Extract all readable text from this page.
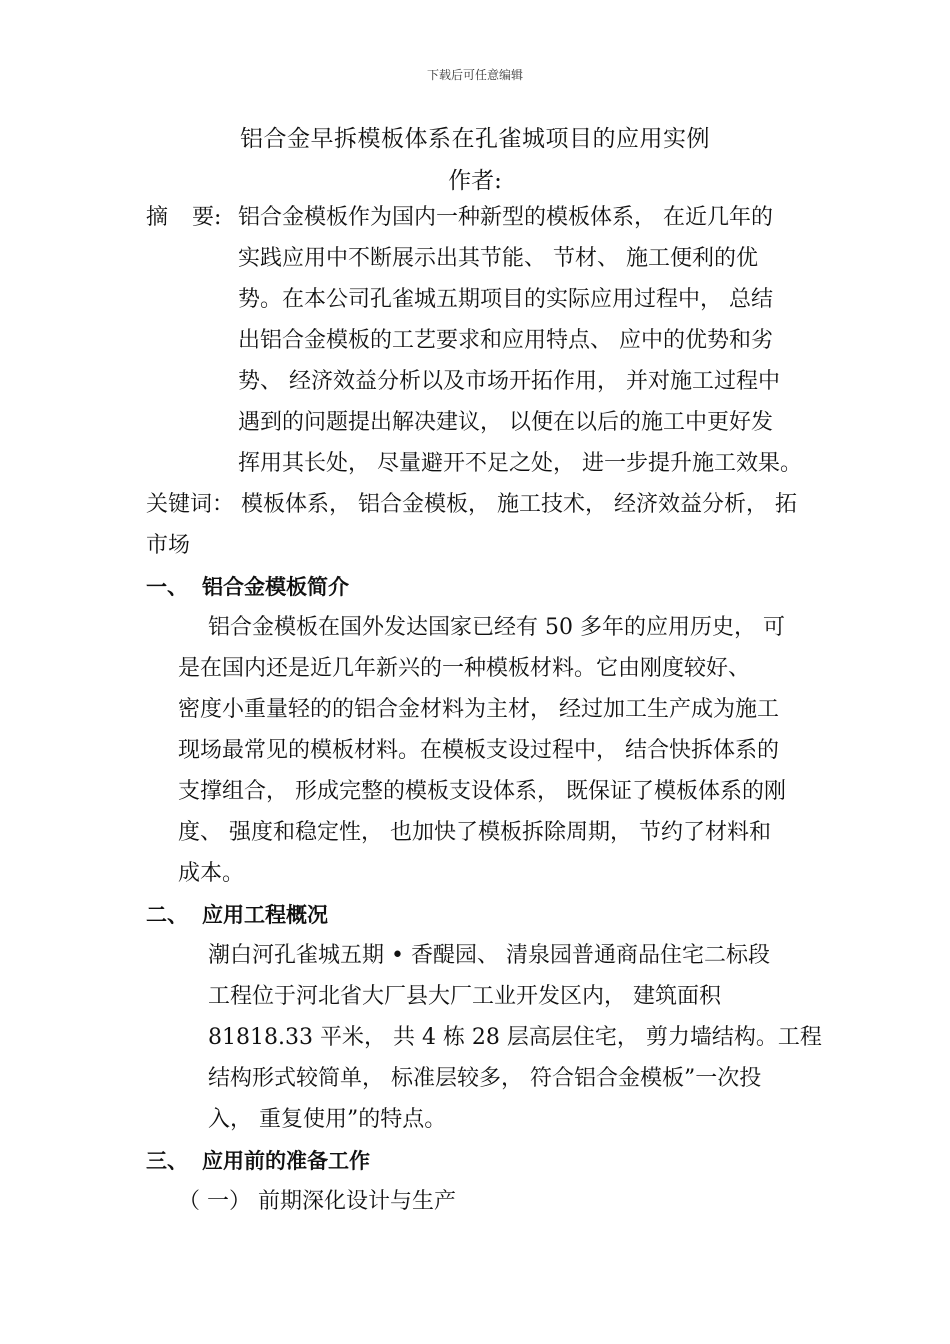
下载后可任意编辑
铝合金早拆模板体系在孔雀城项目的应用实例
作者:
摘 要: 铝合金模板作为国内一种新型的模板体系， 在近几年的
实践应用中不断展示出其节能、 节材、 施工便利的优
势。在本公司孔雀城五期项目的实际应用过程中， 总结
出铝合金模板的工艺要求和应用特点、 应中的优势和劣
势、 经济效益分析以及市场开拓作用， 并对施工过程中
遇到的问题提出解决建议， 以便在以后的施工中更好发
挥用其长处， 尽量避开不足之处， 进一步提升施工效果。
关键词： 模板体系， 铝合金模板， 施工技术， 经济效益分析， 拓
市场
一、 铝合金模板简介
铝合金模板在国外发达国家已经有 50 多年的应用历史， 可
是在国内还是近几年新兴的一种模板材料。它由刚度较好、
密度小重量轻的的铝合金材料为主材， 经过加工生产成为施工
现场最常见的模板材料。在模板支设过程中， 结合快拆体系的
支撑组合， 形成完整的模板支设体系， 既保证了模板体系的刚
度、 强度和稳定性， 也加快了模板拆除周期， 节约了材料和
成本。
二、 应用工程概况
潮白河孔雀城五期 • 香醍园、 清泉园普通商品住宅二标段
工程位于河北省大厂县大厂工业开发区内， 建筑面积
81818.33 平米， 共 4 栋 28 层高层住宅， 剪力墙结构。工程
结构形式较简单， 标准层较多， 符合铝合金模板”一次投
入， 重复使用”的特点。
三、 应用前的准备工作
（ 一） 前期深化设计与生产
